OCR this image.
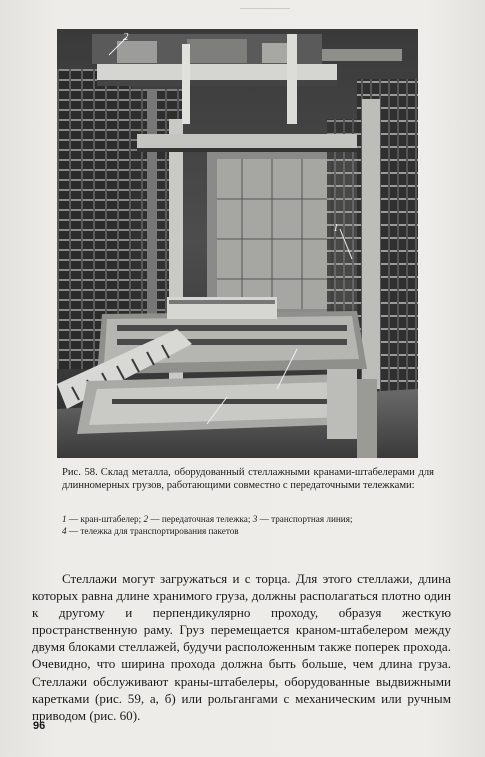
2
1
Рис. 58. Склад металла, оборудованный стеллажными кранами-штабелерами для длинномерных грузов, работающими совместно с передаточными тележками:
1 — кран-штабелер; 2 — передаточная тележка; 3 — транспортная линия;
4 — тележка для транспортирования пакетов
Стеллажи могут загружаться и с торца. Для этого стеллажи, длина которых равна длине хранимого груза, должны располагаться плотно один к другому и перпендикулярно проходу, образуя жесткую пространственную раму. Груз перемещается краном-штабелером между двумя блоками стеллажей, будучи расположенным также поперек прохода. Очевидно, что ширина прохода должна быть больше, чем длина груза. Стеллажи обслуживают краны-штабелеры, оборудованные выдвижными каретками (рис. 59, а, б) или рольгангами с механическим или ручным приводом (рис. 60).
96
